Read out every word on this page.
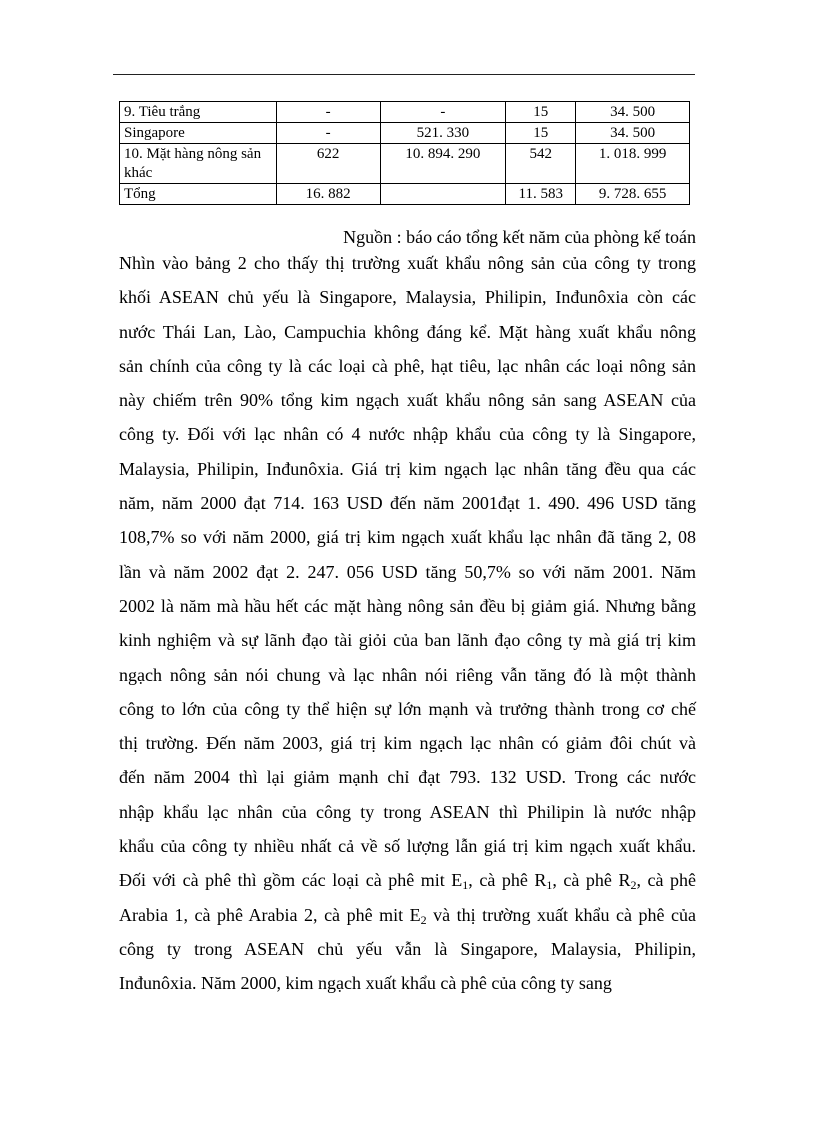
9. Tiêu trắng	-	-	15	34. 500
Singapore	-	521. 330	15	34. 500
10. Mặt hàng nông sản khác	622	10. 894. 290	542	1. 018. 999
Tổng	16. 882		11. 583	9. 728. 655
Nguồn : báo cáo tổng kết năm của phòng kế toán
Nhìn vào bảng 2 cho thấy thị trường xuất khẩu nông sản của công ty trong
khối ASEAN chủ yếu là Singapore, Malaysia, Philipin, Inđunôxia còn các
nước Thái Lan, Lào, Campuchia không đáng kể. Mặt hàng xuất khẩu nông
sản chính của công ty là các loại cà phê, hạt tiêu, lạc nhân các loại nông sản
này chiếm trên 90% tổng kim ngạch xuất khẩu nông sản sang ASEAN của
công ty. Đối với lạc nhân có 4 nước nhập khẩu của công ty là Singapore,
Malaysia, Philipin, Inđunôxia. Giá trị kim ngạch lạc nhân tăng đều qua các
năm, năm 2000 đạt 714. 163 USD đến năm 2001đạt 1. 490. 496 USD tăng
108,7% so với năm 2000, giá trị kim ngạch xuất khẩu lạc nhân đã tăng 2, 08
lần và năm 2002 đạt 2. 247. 056 USD tăng 50,7% so với năm 2001. Năm
2002 là năm mà hầu hết các mặt hàng nông sản đều bị giảm giá. Nhưng bằng
kinh nghiệm và sự lãnh đạo tài giỏi của ban lãnh đạo công ty mà giá trị kim
ngạch nông sản nói chung và lạc nhân nói riêng vẫn tăng đó là một thành
công to lớn của công ty thể hiện sự lớn mạnh và trưởng thành trong cơ chế
thị trường. Đến năm 2003, giá trị kim ngạch lạc nhân có giảm đôi chút và
đến năm 2004 thì lại giảm mạnh chỉ đạt 793. 132 USD. Trong các nước
nhập khẩu lạc nhân của công ty trong ASEAN thì Philipin là nước nhập
khẩu của công ty nhiều nhất cả về số lượng lẫn giá trị kim ngạch xuất khẩu.
Đối với cà phê thì gồm các loại cà phê mit $E_1$, cà phê $R_1$, cà phê $R_2$, cà phê
Arabia 1, cà phê Arabia 2, cà phê mit $E_2$ và thị trường xuất khẩu cà phê của
công ty trong ASEAN chủ yếu vẫn là Singapore, Malaysia, Philipin,
Inđunôxia. Năm 2000, kim ngạch xuất khẩu cà phê của công ty sang
